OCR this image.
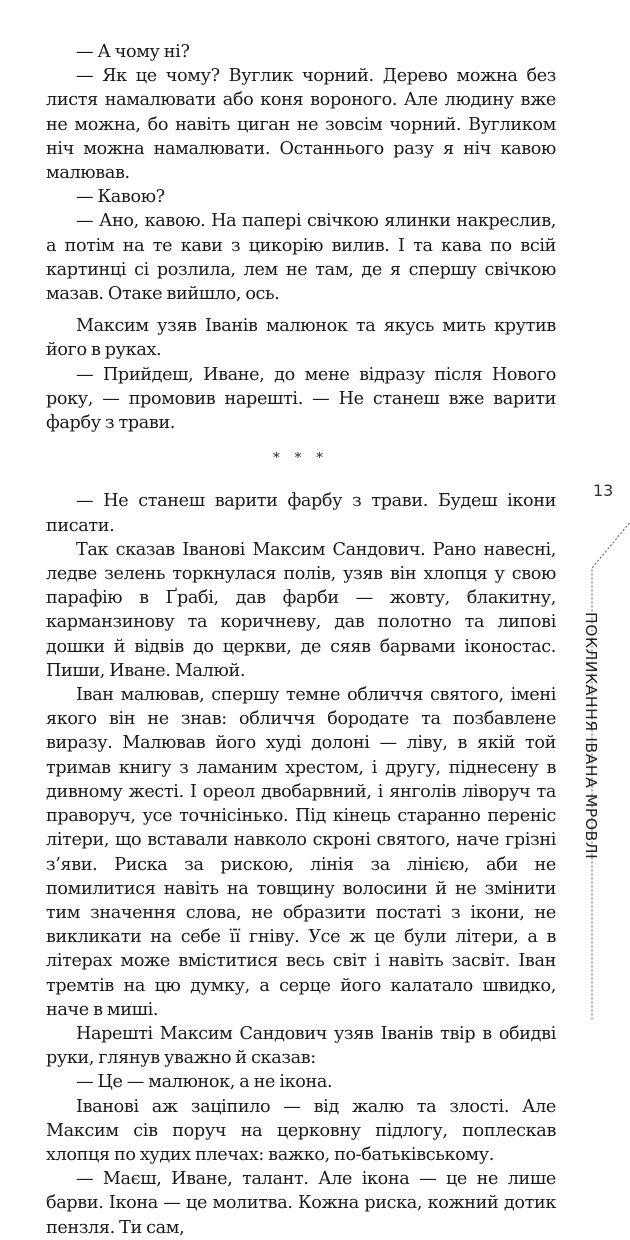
— А чому ні?

— Як це чому? Вуглик чорний. Дерево можна без листя намалювати або коня вороного. Але людину вже не можна, бо навіть циган не зовсім чорний. Вугликом ніч можна намалювати. Останнього разу я ніч кавою малював.

— Кавою?

— Ано, кавою. На папері свічкою ялинки накреслив, а потім на те кави з цикорію вилив. І та кава по всій картинці сі розлила, лем не там, де я спершу свічкою мазав. Отаке вийшло, ось.

Максим узяв Іванів малюнок та якусь мить крутив його в руках.

— Прийдеш, Иване, до мене відразу після Нового року, — промовив нарешті. — Не станеш вже варити фарбу з трави.

* * *

— Не станеш варити фарбу з трави. Будеш ікони писати.

Так сказав Іванові Максим Сандович. Рано навесні, ледве зелень торкнулася полів, узяв він хлопця у свою парафію в Ґрабі, дав фарби — жовту, блакитну, карманзинову та коричневу, дав полотно та липові дошки й відвів до церкви, де сяяв барвами іконостас. Пиши, Иване. Малюй.

Іван малював, спершу темне обличчя святого, імені якого він не знав: обличчя бородате та позбавлене виразу. Малював його худі долоні — ліву, в якій той тримав книгу з ламаним хрестом, і другу, піднесену в дивному жесті. І ореол двобарвний, і янголів ліворуч та праворуч, усе точнісінько. Під кінець старанно переніс літери, що вставали навколо скроні святого, наче грізні з’яви. Риска за рискою, лінія за лінією, аби не помилитися навіть на товщину волосини й не змінити тим значення слова, не образити постаті з ікони, не викликати на себе її гніву. Усе ж це були літери, а в літерах може вміститися весь світ і навіть засвіт. Іван тремтів на цю думку, а серце його калатало швидко, наче в миші.

Нарешті Максим Сандович узяв Іванів твір в обидві руки, глянув уважно й сказав:

— Це — малюнок, а не ікона.

Іванові аж заціпило — від жалю та злості. Але Максим сів поруч на церковну підлогу, поплескав хлопця по худих плечах: важко, по-батьківському.

— Маєш, Иване, талант. Але ікона — це не лише барви. Ікона — це молитва. Кожна риска, кожний дотик пензля. Ти сам,

13
ПОКЛИКАННЯ ІВАНА МРОВЛІ
